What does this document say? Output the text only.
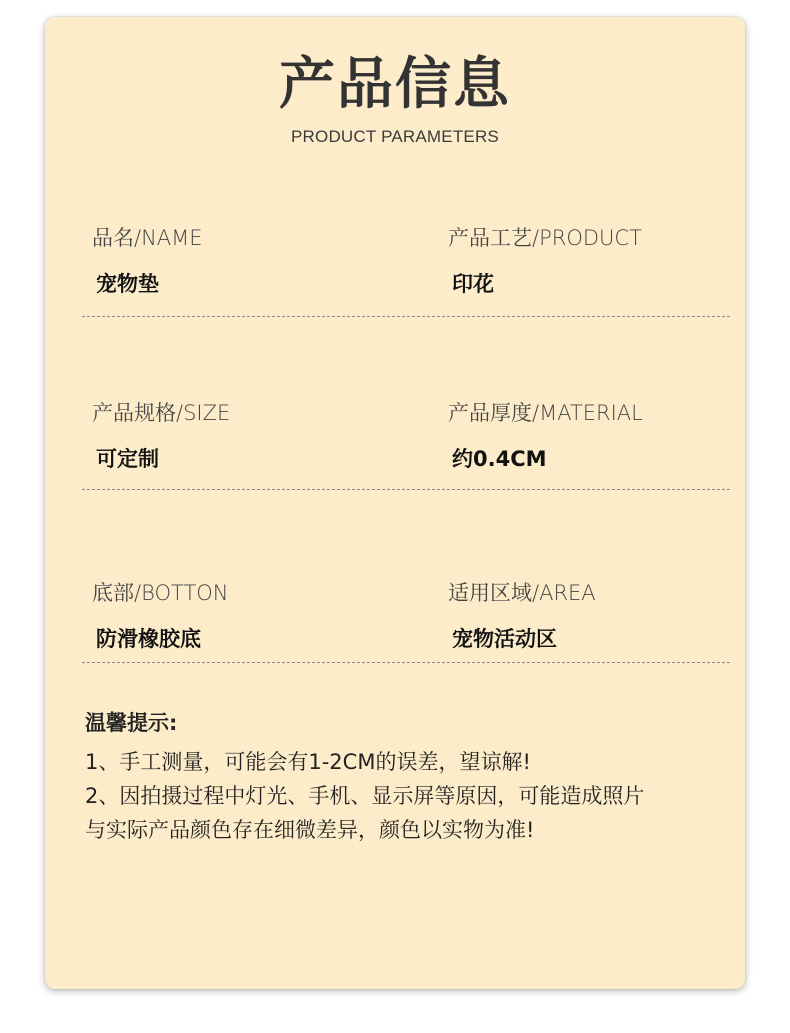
产品信息
PRODUCT PARAMETERS
品名/NAME
宠物垫
产品工艺/PRODUCT
印花
产品规格/SIZE
可定制
产品厚度/MATERIAL
约0.4CM
底部/BOTTON
防滑橡胶底
适用区域/AREA
宠物活动区
温馨提示:
1、手工测量，可能会有1-2CM的误差，望谅解!
2、因拍摄过程中灯光、手机、显示屏等原因，可能造成照片
与实际产品颜色存在细微差异，颜色以实物为准!
